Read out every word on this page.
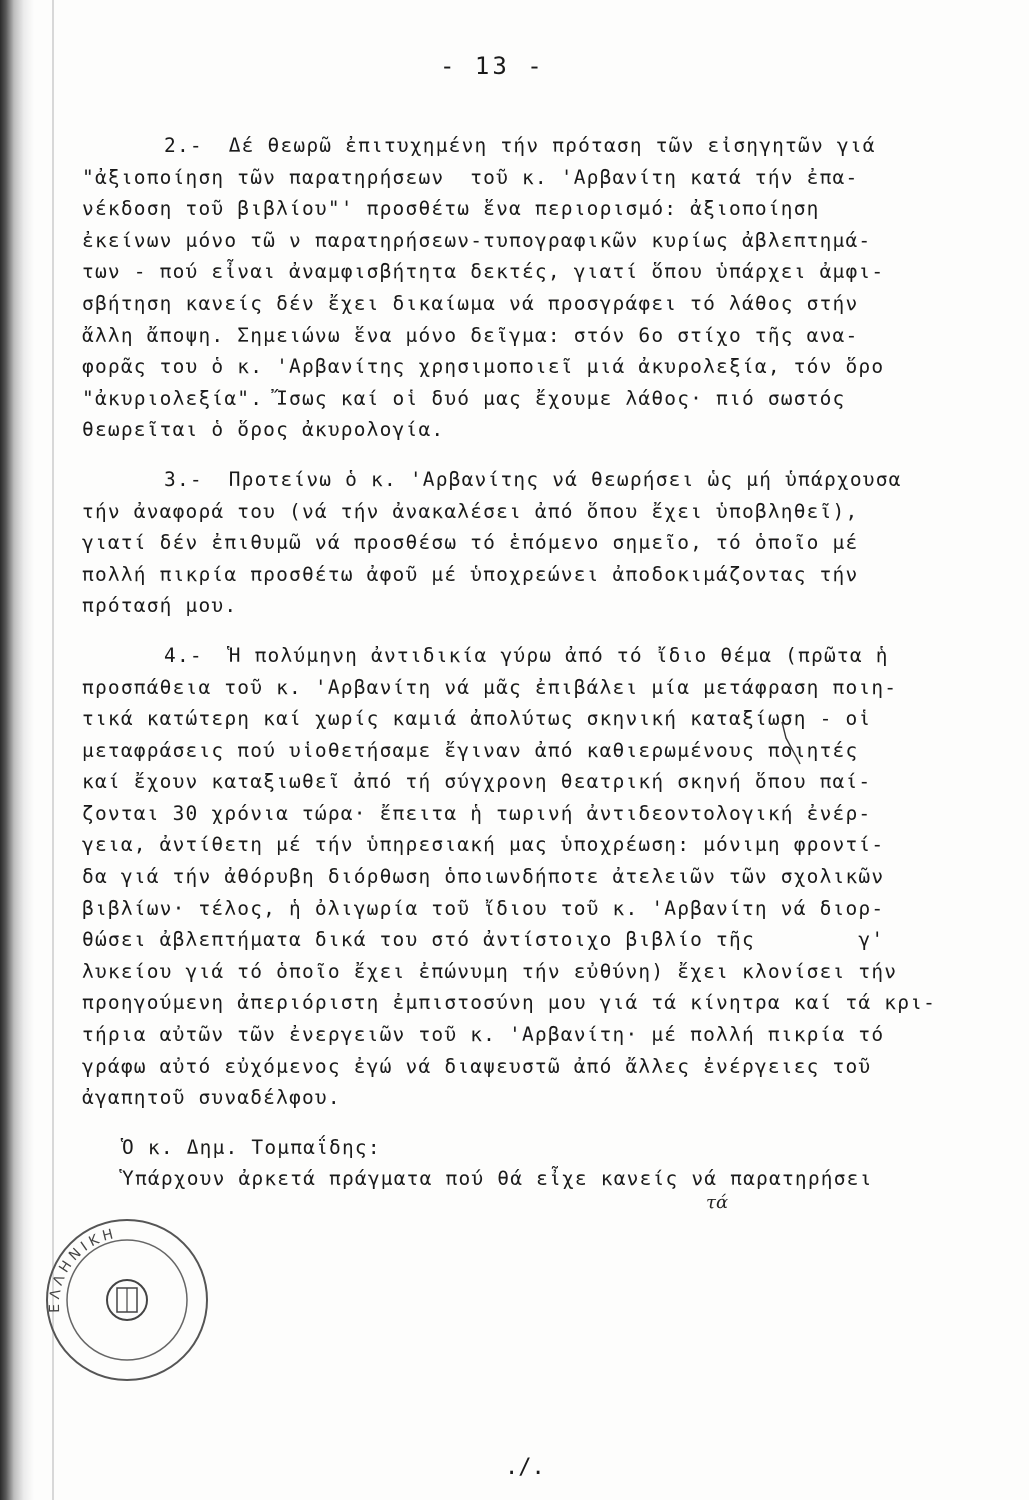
- 13 -
2.-  Δέ θεωρῶ ἐπιτυχημένη τήν πρόταση τῶν εἰσηγητῶν γιά
"ἀξιοποίηση τῶν παρατηρήσεων  τοῦ κ. 'Αρβανίτη κατά τήν ἐπα-
νέκδοση τοῦ βιβλίου"' προσθέτω ἕνα περιορισμό: ἀξιοποίηση
ἐκείνων μόνο τῶ ν παρατηρήσεων-τυπογραφικῶν κυρίως ἀβλεπτημά-
των - πού εἶναι ἀναμφισβήτητα δεκτές, γιατί ὅπου ὑπάρχει ἀμφι-
σβήτηση κανείς δέν ἔχει δικαίωμα νά προσγράφει τό λάθος στήν
ἄλλη ἄποψη. Σημειώνω ἕνα μόνο δεῖγμα: στόν 6ο στίχο τῆς ανα-
φορᾶς του ὁ κ. 'Αρβανίτης χρησιμοποιεῖ μιά ἀκυρολεξία, τόν ὅρο
"ἀκυριολεξία". Ἴσως καί οἱ δυό μας ἔχουμε λάθος· πιό σωστός
θεωρεῖται ὁ ὅρος ἀκυρολογία.
3.-  Προτείνω ὁ κ. 'Αρβανίτης νά θεωρήσει ὡς μή ὑπάρχουσα
τήν ἀναφορά του (νά τήν ἀνακαλέσει ἀπό ὅπου ἔχει ὑποβληθεῖ),
γιατί δέν ἐπιθυμῶ νά προσθέσω τό ἑπόμενο σημεῖο, τό ὁποῖο μέ
πολλή πικρία προσθέτω ἀφοῦ μέ ὑποχρεώνει ἀποδοκιμάζοντας τήν
πρότασή μου.
4.-  Ἡ πολύμηνη ἀντιδικία γύρω ἀπό τό ἴδιο θέμα (πρῶτα ἡ
προσπάθεια τοῦ κ. 'Αρβανίτη νά μᾶς ἐπιβάλει μία μετάφραση ποιη-
τικά κατώτερη καί χωρίς καμιά ἀπολύτως σκηνική καταξίωση - οἱ
μεταφράσεις πού υἱοθετήσαμε ἔγιναν ἀπό καθιερωμένους ποιητές
καί ἔχουν καταξιωθεῖ ἀπό τή σύγχρονη θεατρική σκηνή ὅπου παί-
ζονται 30 χρόνια τώρα· ἔπειτα ἡ τωρινή ἀντιδεοντολογική ἐνέρ-
γεια, ἀντίθετη μέ τήν ὑπηρεσιακή μας ὑποχρέωση: μόνιμη φροντί-
δα γιά τήν ἀθόρυβη διόρθωση ὁποιωνδήποτε ἀτελειῶν τῶν σχολικῶν
βιβλίων· τέλος, ἡ ὀλιγωρία τοῦ ἴδιου τοῦ κ. 'Αρβανίτη νά διορ-
θώσει ἀβλεπτήματα δικά του στό ἀντίστοιχο βιβλίο τῆς        γ'
λυκείου γιά τό ὁποῖο ἔχει ἐπώνυμη τήν εὐθύνη) ἔχει κλονίσει τήν
προηγούμενη ἀπεριόριστη ἐμπιστοσύνη μου γιά τά κίνητρα καί τά κρι-
τήρια αὐτῶν τῶν ἐνεργειῶν τοῦ κ. 'Αρβανίτη· μέ πολλή πικρία τό
γράφω αὐτό εὐχόμενος ἐγώ νά διαψευστῶ ἀπό ἄλλες ἐνέργειες τοῦ
ἀγαπητοῦ συναδέλφου.
Ὁ κ. Δημ. Τομπαΐδης:
Ὑπάρχουν ἀρκετά πράγματα πού θά εἶχε κανείς νά παρατηρήσει
τά
ΕΛΛΗΝΙΚΗ
./.
